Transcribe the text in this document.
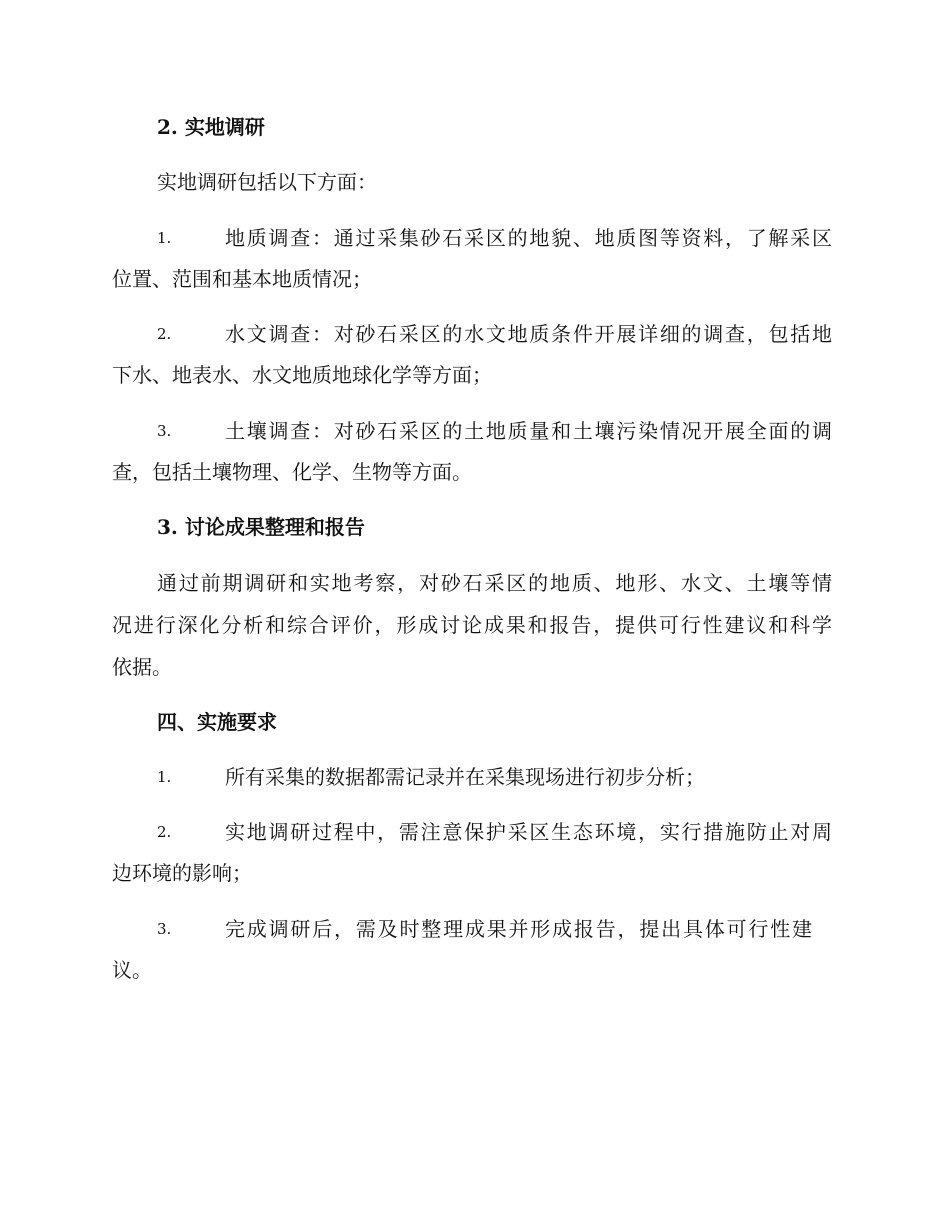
2. 实地调研
实地调研包括以下方面：
1.	地质调查：通过采集砂石采区的地貌、地质图等资料，了解采区
位置、范围和基本地质情况；
2.	水文调查：对砂石采区的水文地质条件开展详细的调查，包括地
下水、地表水、水文地质地球化学等方面；
3.	土壤调查：对砂石采区的土地质量和土壤污染情况开展全面的调
查，包括土壤物理、化学、生物等方面。
3. 讨论成果整理和报告
通过前期调研和实地考察，对砂石采区的地质、地形、水文、土壤等情
况进行深化分析和综合评价，形成讨论成果和报告，提供可行性建议和科学
依据。
四、实施要求
1.	所有采集的数据都需记录并在采集现场进行初步分析；
2.	实地调研过程中，需注意保护采区生态环境，实行措施防止对周
边环境的影响；
3.	完成调研后，需及时整理成果并形成报告，提出具体可行性建
议。
